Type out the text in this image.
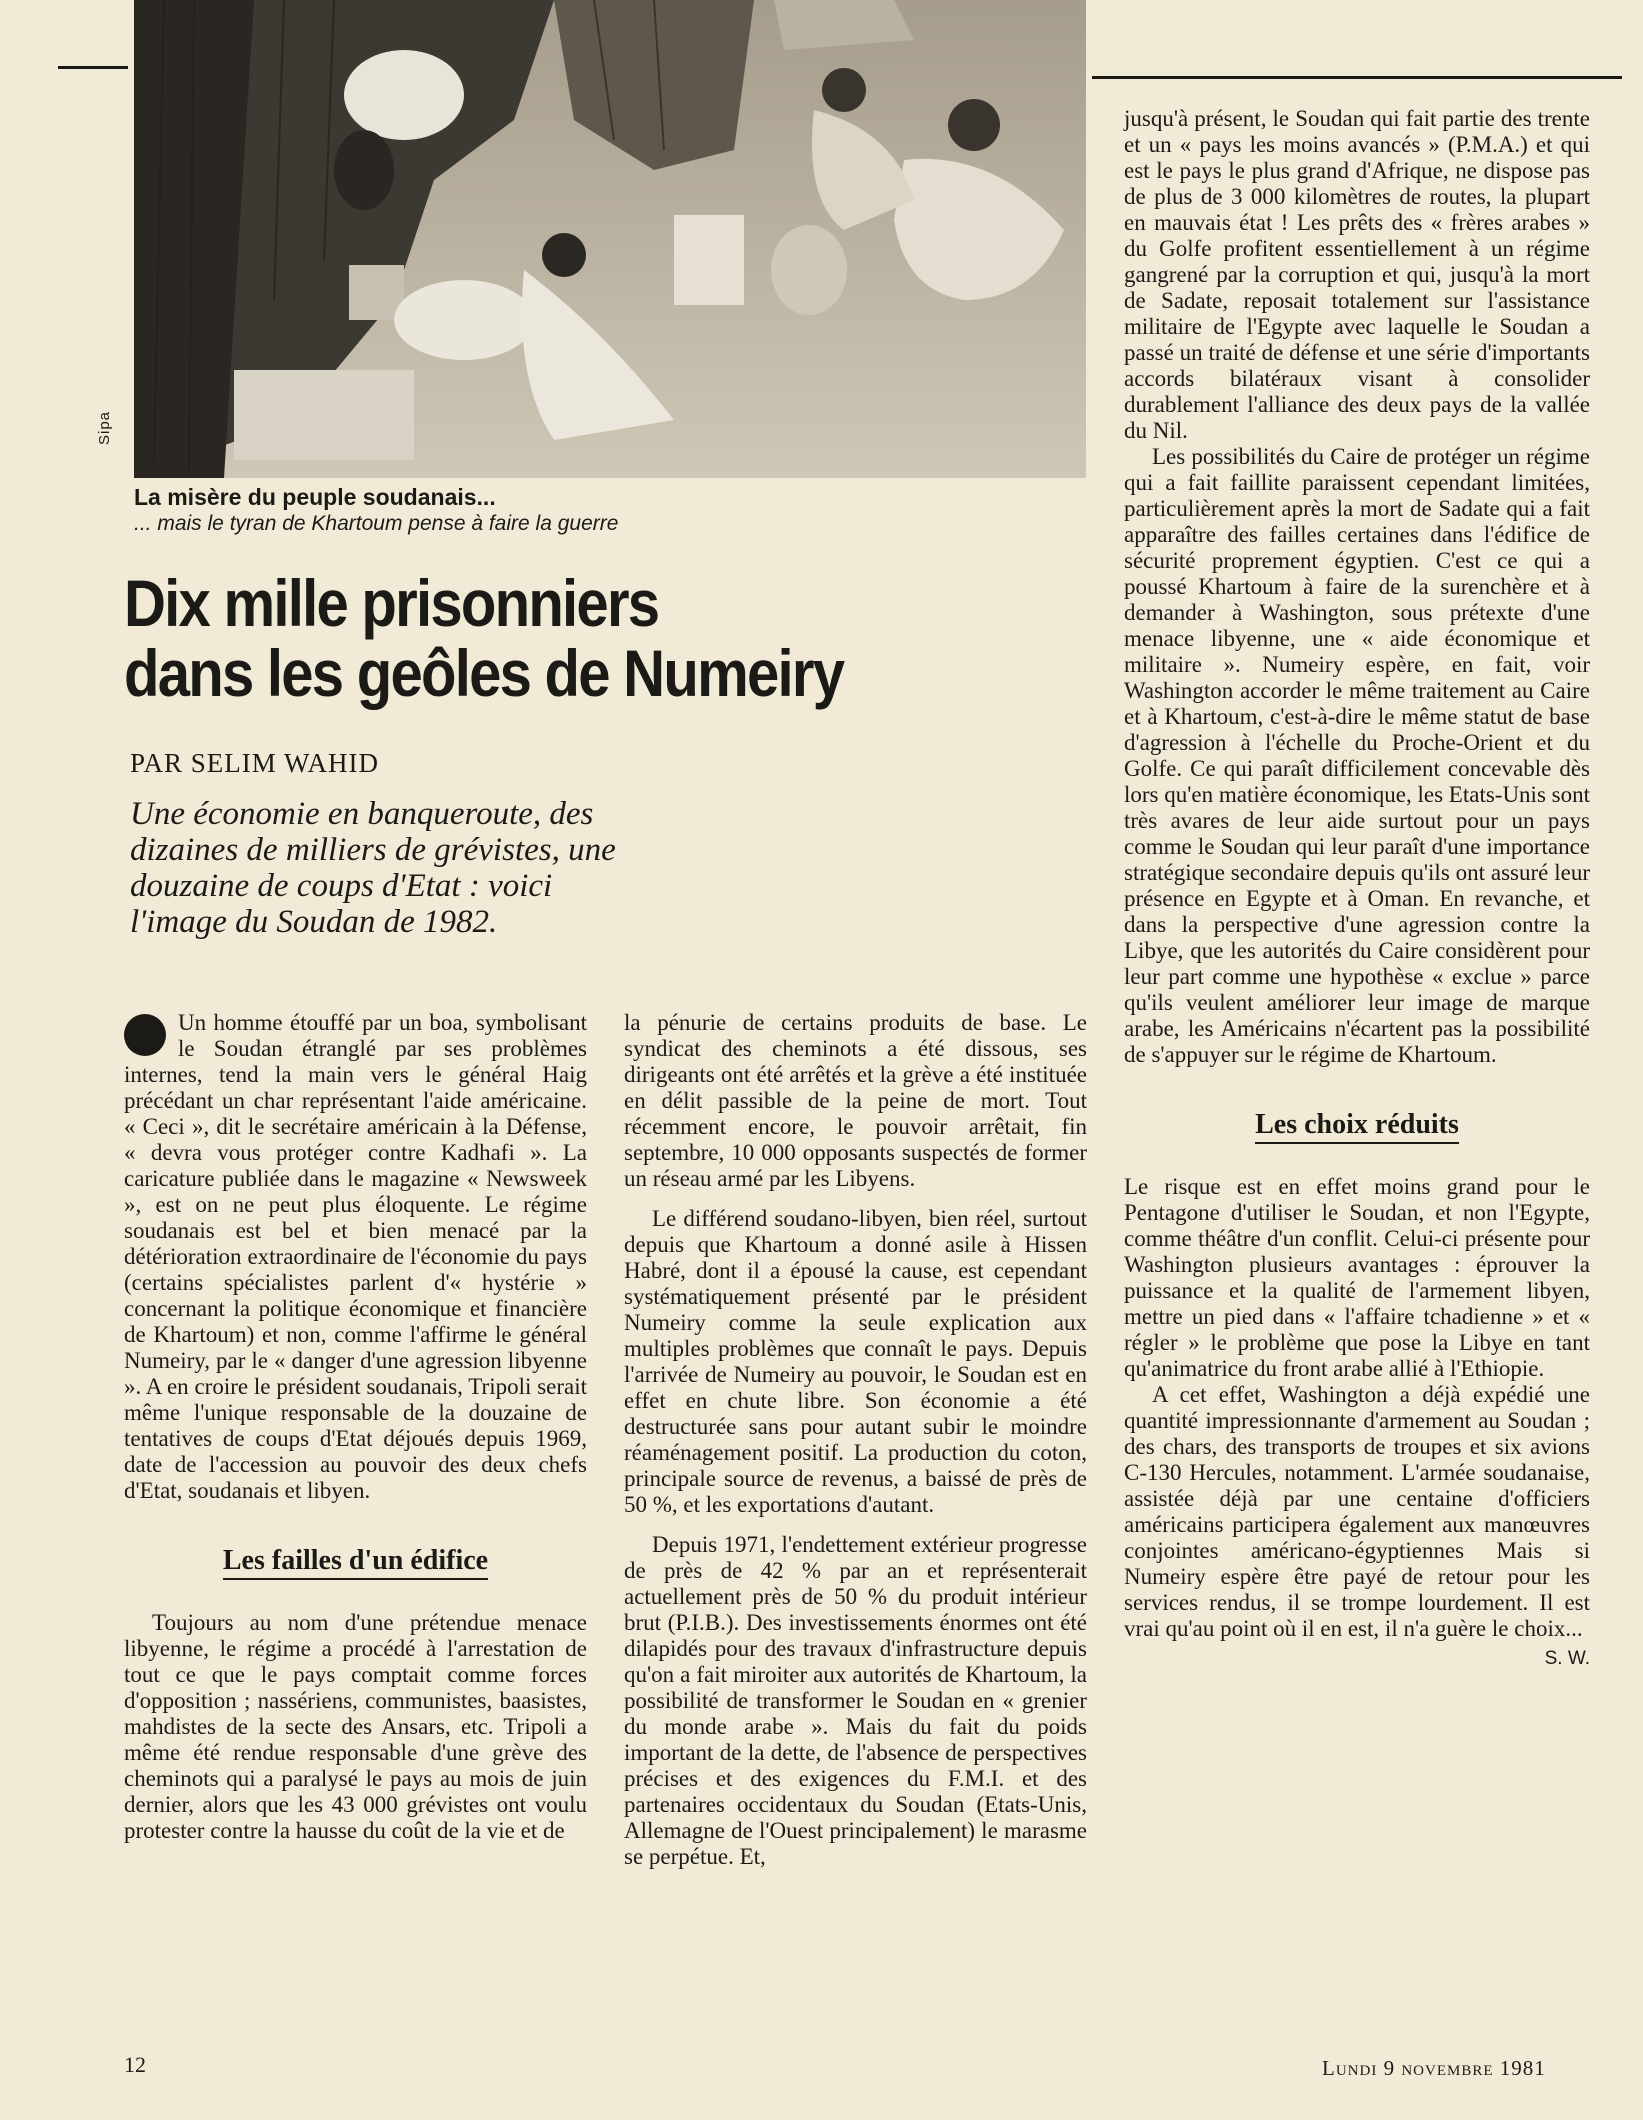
Sipa
La misère du peuple soudanais...
... mais le tyran de Khartoum pense à faire la guerre
Dix mille prisonniers
dans les geôles de Numeiry
PAR SELIM WAHID
Une économie en banqueroute, des dizaines de milliers de grévistes, une douzaine de coups d'Etat : voici l'image du Soudan de 1982.

Un homme étouffé par un boa, symbolisant le Soudan étranglé par ses problèmes internes, tend la main vers le général Haig précédant un char représentant l'aide américaine. « Ceci », dit le secrétaire américain à la Défense, « devra vous protéger contre Kadhafi ». La caricature publiée dans le magazine « Newsweek », est on ne peut plus éloquente. Le régime soudanais est bel et bien menacé par la détérioration extraordinaire de l'économie du pays (certains spécialistes parlent d'« hystérie » concernant la politique économique et financière de Khartoum) et non, comme l'affirme le général Numeiry, par le « danger d'une agression libyenne ». A en croire le président soudanais, Tripoli serait même l'unique responsable de la douzaine de tentatives de coups d'Etat déjoués depuis 1969, date de l'accession au pouvoir des deux chefs d'Etat, soudanais et libyen.

Les failles d'un édifice

Toujours au nom d'une prétendue menace libyenne, le régime a procédé à l'arrestation de tout ce que le pays comptait comme forces d'opposition ; nassériens, communistes, baasistes, mahdistes de la secte des Ansars, etc. Tripoli a même été rendue responsable d'une grève des cheminots qui a paralysé le pays au mois de juin dernier, alors que les 43 000 grévistes ont voulu protester contre la hausse du coût de la vie et de

la pénurie de certains produits de base. Le syndicat des cheminots a été dissous, ses dirigeants ont été arrêtés et la grève a été instituée en délit passible de la peine de mort. Tout récemment encore, le pouvoir arrêtait, fin septembre, 10 000 opposants suspectés de former un réseau armé par les Libyens.

Le différend soudano-libyen, bien réel, surtout depuis que Khartoum a donné asile à Hissen Habré, dont il a épousé la cause, est cependant systématiquement présenté par le président Numeiry comme la seule explication aux multiples problèmes que connaît le pays. Depuis l'arrivée de Numeiry au pouvoir, le Soudan est en effet en chute libre. Son économie a été destructurée sans pour autant subir le moindre réaménagement positif. La production du coton, principale source de revenus, a baissé de près de 50 %, et les exportations d'autant.

Depuis 1971, l'endettement extérieur progresse de près de 42 % par an et représenterait actuellement près de 50 % du produit intérieur brut (P.I.B.). Des investissements énormes ont été dilapidés pour des travaux d'infrastructure depuis qu'on a fait miroiter aux autorités de Khartoum, la possibilité de transformer le Soudan en « grenier du monde arabe ». Mais du fait du poids important de la dette, de l'absence de perspectives précises et des exigences du F.M.I. et des partenaires occidentaux du Soudan (Etats-Unis, Allemagne de l'Ouest principalement) le marasme se perpétue. Et,

jusqu'à présent, le Soudan qui fait partie des trente et un « pays les moins avancés » (P.M.A.) et qui est le pays le plus grand d'Afrique, ne dispose pas de plus de 3 000 kilomètres de routes, la plupart en mauvais état ! Les prêts des « frères arabes » du Golfe profitent essentiellement à un régime gangrené par la corruption et qui, jusqu'à la mort de Sadate, reposait totalement sur l'assistance militaire de l'Egypte avec laquelle le Soudan a passé un traité de défense et une série d'importants accords bilatéraux visant à consolider durablement l'alliance des deux pays de la vallée du Nil.

Les possibilités du Caire de protéger un régime qui a fait faillite paraissent cependant limitées, particulièrement après la mort de Sadate qui a fait apparaître des failles certaines dans l'édifice de sécurité proprement égyptien. C'est ce qui a poussé Khartoum à faire de la surenchère et à demander à Washington, sous prétexte d'une menace libyenne, une « aide économique et militaire ». Numeiry espère, en fait, voir Washington accorder le même traitement au Caire et à Khartoum, c'est-à-dire le même statut de base d'agression à l'échelle du Proche-Orient et du Golfe. Ce qui paraît difficilement concevable dès lors qu'en matière économique, les Etats-Unis sont très avares de leur aide surtout pour un pays comme le Soudan qui leur paraît d'une importance stratégique secondaire depuis qu'ils ont assuré leur présence en Egypte et à Oman. En revanche, et dans la perspective d'une agression contre la Libye, que les autorités du Caire considèrent pour leur part comme une hypothèse « exclue » parce qu'ils veulent améliorer leur image de marque arabe, les Américains n'écartent pas la possibilité de s'appuyer sur le régime de Khartoum.

Les choix réduits

Le risque est en effet moins grand pour le Pentagone d'utiliser le Soudan, et non l'Egypte, comme théâtre d'un conflit. Celui-ci présente pour Washington plusieurs avantages : éprouver la puissance et la qualité de l'armement libyen, mettre un pied dans « l'affaire tchadienne » et « régler » le problème que pose la Libye en tant qu'animatrice du front arabe allié à l'Ethiopie.

A cet effet, Washington a déjà expédié une quantité impressionnante d'armement au Soudan ; des chars, des transports de troupes et six avions C-130 Hercules, notamment. L'armée soudanaise, assistée déjà par une centaine d'officiers américains participera également aux manœuvres conjointes américano-égyptiennes Mais si Numeiry espère être payé de retour pour les services rendus, il se trompe lourdement. Il est vrai qu'au point où il en est, il n'a guère le choix...

S. W.
12	Lundi 9 novembre 1981
